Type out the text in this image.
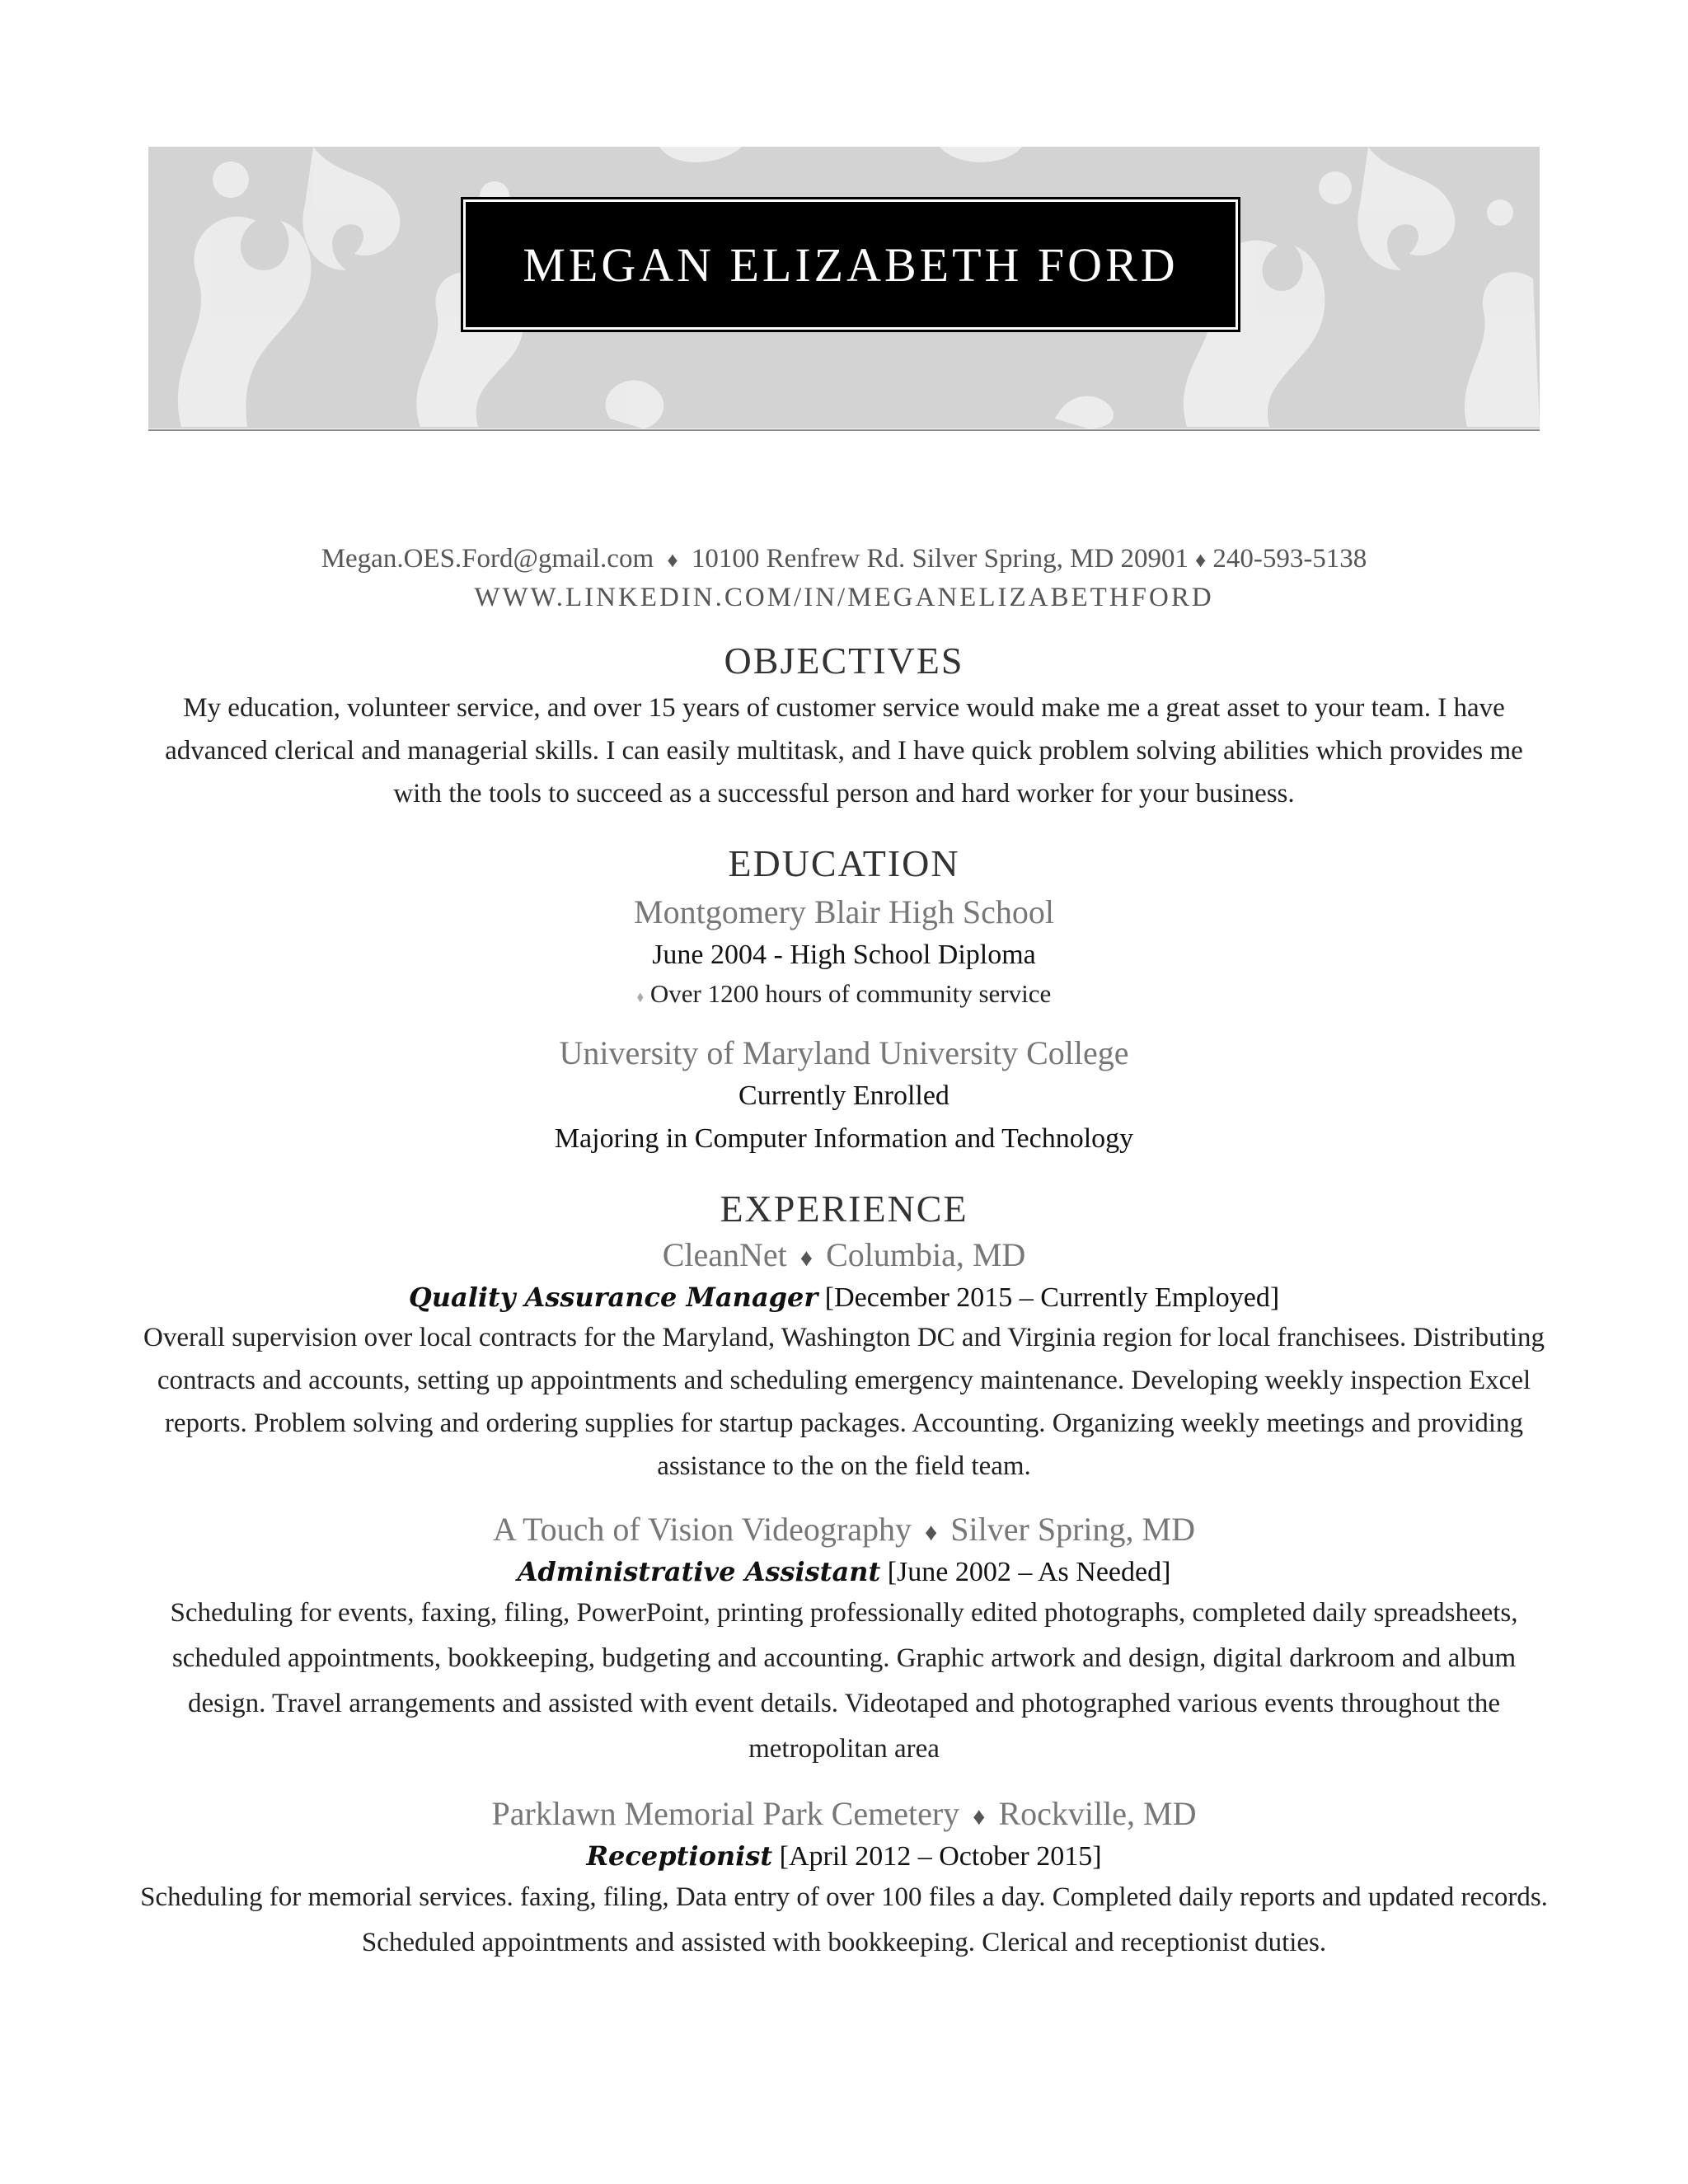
MEGAN ELIZABETH FORD
Megan.OES.Ford@gmail.com ♦ 10100 Renfrew Rd. Silver Spring, MD 20901 ♦ 240-593-5138
WWW.LINKEDIN.COM/IN/MEGANELIZABETHFORD
OBJECTIVES
My education, volunteer service, and over 15 years of customer service would make me a great asset to your team. I have advanced clerical and managerial skills. I can easily multitask, and I have quick problem solving abilities which provides me with the tools to succeed as a successful person and hard worker for your business.
EDUCATION
Montgomery Blair High School
June 2004 - High School Diploma
⬧ Over 1200 hours of community service
University of Maryland University College
Currently Enrolled
Majoring in Computer Information and Technology
EXPERIENCE
CleanNet ♦ Columbia, MD
Quality Assurance Manager [December 2015 – Currently Employed]
Overall supervision over local contracts for the Maryland, Washington DC and Virginia region for local franchisees. Distributing contracts and accounts, setting up appointments and scheduling emergency maintenance. Developing weekly inspection Excel reports. Problem solving and ordering supplies for startup packages. Accounting. Organizing weekly meetings and providing assistance to the on the field team.
A Touch of Vision Videography ♦ Silver Spring, MD
Administrative Assistant [June 2002 – As Needed]
Scheduling for events, faxing, filing, PowerPoint, printing professionally edited photographs, completed daily spreadsheets, scheduled appointments, bookkeeping, budgeting and accounting. Graphic artwork and design, digital darkroom and album design. Travel arrangements and assisted with event details. Videotaped and photographed various events throughout the metropolitan area
Parklawn Memorial Park Cemetery ♦ Rockville, MD
Receptionist [April 2012 – October 2015]
Scheduling for memorial services. faxing, filing, Data entry of over 100 files a day. Completed daily reports and updated records. Scheduled appointments and assisted with bookkeeping. Clerical and receptionist duties.
